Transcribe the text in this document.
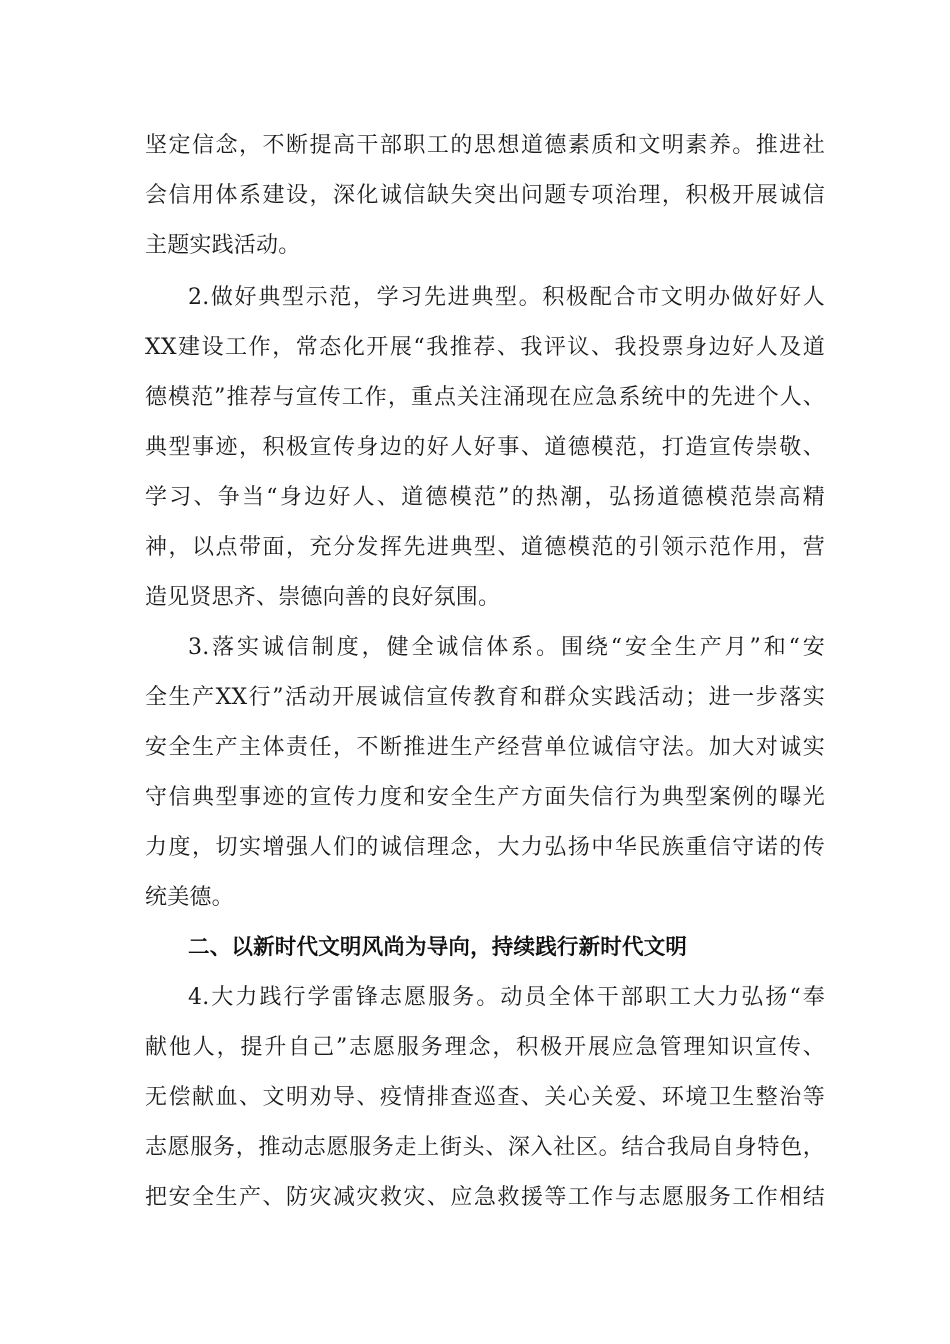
坚定信念，不断提高干部职工的思想道德素质和文明素养。推进社
会信用体系建设，深化诚信缺失突出问题专项治理，积极开展诚信
主题实践活动。
2.做好典型示范，学习先进典型。积极配合市文明办做好好人
XX建设工作，常态化开展“我推荐、我评议、我投票身边好人及道
德模范”推荐与宣传工作，重点关注涌现在应急系统中的先进个人、
典型事迹，积极宣传身边的好人好事、道德模范，打造宣传崇敬、
学习、争当“身边好人、道德模范”的热潮，弘扬道德模范崇高精
神，以点带面，充分发挥先进典型、道德模范的引领示范作用，营
造见贤思齐、崇德向善的良好氛围。
3.落实诚信制度，健全诚信体系。围绕“安全生产月”和“安
全生产XX行”活动开展诚信宣传教育和群众实践活动；进一步落实
安全生产主体责任，不断推进生产经营单位诚信守法。加大对诚实
守信典型事迹的宣传力度和安全生产方面失信行为典型案例的曝光
力度，切实增强人们的诚信理念，大力弘扬中华民族重信守诺的传
统美德。
二、以新时代文明风尚为导向，持续践行新时代文明
4.大力践行学雷锋志愿服务。动员全体干部职工大力弘扬“奉
献他人，提升自己”志愿服务理念，积极开展应急管理知识宣传、
无偿献血、文明劝导、疫情排查巡查、关心关爱、环境卫生整治等
志愿服务，推动志愿服务走上街头、深入社区。结合我局自身特色，
把安全生产、防灾减灾救灾、应急救援等工作与志愿服务工作相结
